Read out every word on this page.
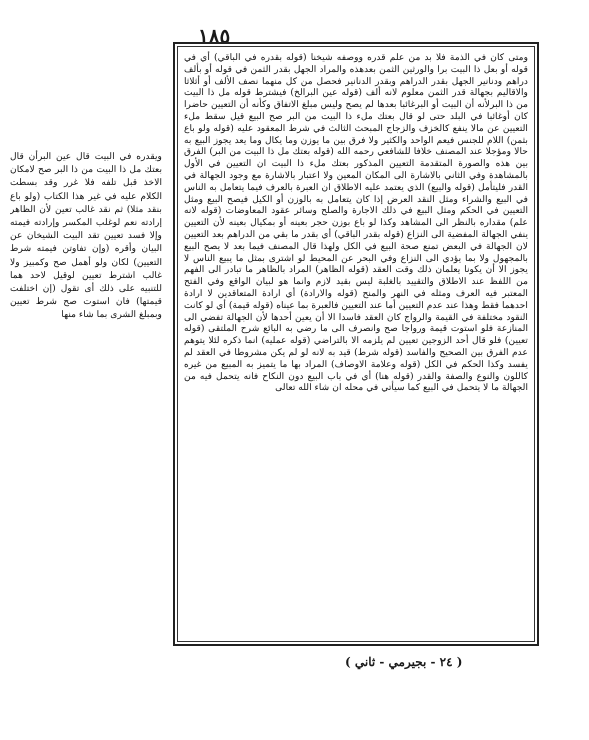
١٨٥

ومتى كان في الذمة فلا بد من علم قدره ووصفه شيخنا (قوله بقدره في الباقي) أي في قوله أو بعل ذا البيت برا والورثين الثمن بعدهذه والمراد الجهل بقدر الثمن في قوله أو بألف دراهم ودنانير الجهل بقدر الدراهم وبقدر الدنانير فحصل من كل منهما نصف الألف أو أثلاثا والاقاليم بجهالة قدر الثمن معلوم لانه ألف (قوله عين البرالخ) فيشترط قوله مل ذا البيت من ذا البرلأنه أن البيت أو البرغائبا بعدها لم يصح وليس مبلغ الاتفاق وكأنه أن التعيين حاضرا كان أوغائبا في البلد حتى لو قال بعتك ملء ذا البيت من البر صح البيع قيل سقط ملء التعيين عن مالا ينفع كالخزف والزجاج المبحث الثالث في شرط المعقود عليه (قوله ولو باع بثمن) اللام للجنس فيعم الواحد والكثير ولا فرق بين ما يوزن وما يكال وما يعد يجوز البيع به حالا ومؤجلا عند المصنف خلافا للشافعي رحمه الله (قوله بعتك مل ذا البيت من البر) الفرق بين هذه والصورة المتقدمة التعيين المذكور بعتك ملء ذا البيت ان التعيين في الأول بالمشاهدة وفي الثاني بالاشارة الى المكان المعين ولا اعتبار بالاشارة مع وجود الجهالة في القدر فليتأمل (قوله والبيع) الذي يعتمد عليه الاطلاق ان العبرة بالعرف فيما يتعامل به الناس في البيع والشراء ومثل النقد العرض إذا كان يتعامل به بالوزن أو الكيل فيصح البيع ومثل التعيين في الحكم ومثل البيع في ذلك الاجارة والصلح وسائر عقود المعاوضات (قوله لانه علم) مقداره بالنظر الى المشاهد وكذا لو باع بوزن حجر بعينه أو بمكيال بعينه لأن التعيين ينفي الجهالة المفضية الى النزاع (قوله بقدر الباقي) أي بقدر ما بقي من الدراهم بعد التعيين لان الجهالة في البعض تمنع صحة البيع في الكل ولهذا قال المصنف فيما بعد لا يصح البيع بالمجهول ولا بما يؤدي الى النزاع وفي البحر عن المحيط لو اشترى بمثل ما يبيع الناس لا يجوز الا أن يكونا يعلمان ذلك وقت العقد (قوله الظاهر) المراد بالظاهر ما تبادر الى الفهم من اللفظ عند الاطلاق والتقييد بالغلبة ليس بقيد لازم وانما هو لبيان الواقع وفي الفتح المعتبر فيه العرف ومثله في النهر والمنح (قوله والارادة) أي ارادة المتعاقدين لا ارادة احدهما فقط وهذا عند عدم التعيين أما عند التعيين فالعبرة بما عيناه (قوله قيمة) أي لو كانت النقود مختلفة في القيمة والرواج كان العقد فاسدا الا أن يعين أحدها لأن الجهالة تفضي الى المنازعة فلو استوت قيمة ورواجا صح وانصرف الى ما رضي به البائع شرح الملتقى (قوله تعيين) فلو قال أحد الزوجين تعيين لم يلزمه الا بالتراضي (قوله عمليه) انما ذكره لئلا يتوهم عدم الفرق بين الصحيح والفاسد (قوله شرط) قيد به لانه لو لم يكن مشروطا في العقد لم يفسد وكذا الحكم في الكل (قوله وعلامة الاوصاف) المراد بها ما يتميز به المبيع من غيره كاللون والنوع والصفة والقدر (قوله هنا) أي في باب البيع دون النكاح فانه يتحمل فيه من الجهالة ما لا يتحمل في البيع كما سيأتي في محله ان شاء الله تعالى

ويقدره في البيت قال عين البرأن قال بعتك مل ذا البيت من ذا البر صح لامكان الاخذ قبل تلفه فلا غرر وقد بسطت الكلام عليه في غير هذا الكتاب (ولو باع بنقد مثلا) ثم نقد غالب تعين لأن الظاهر إرادته نعم لوغلب المكسر وإرادته فيمته وإلا فسد تعيين تقد البيت الشيخان عن البيان وأقره (وإن تفاوتن فيمته شرط التعيين) لكان ولو أهمل صح وكمبيز ولا غالب اشترط تعيين لوقيل لاحد هما للتنبيه على ذلك أى تقول (إن اختلفت قيمتها) فان استوت صح شرط تعيين وبمبلغ الشرى بما شاء منها

( ٢٤ - بجيرمي - ثاني )
